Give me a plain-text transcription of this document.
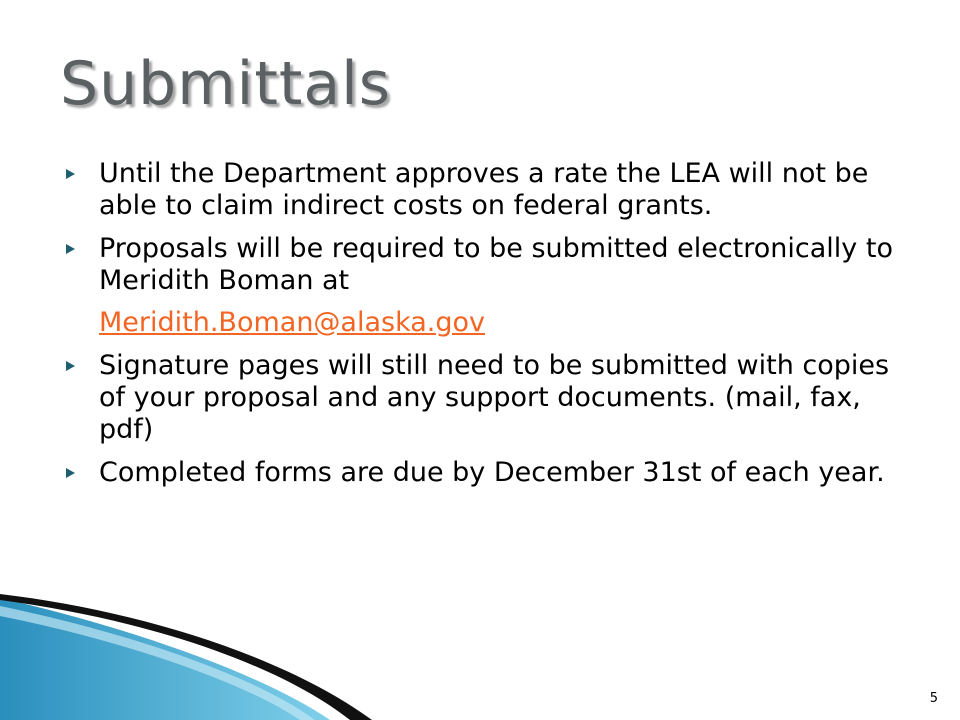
Submittals
Until the Department approves a rate the LEA will not be able to claim indirect costs on federal grants.
Proposals will be required to be submitted electronically to Meridith Boman at
Meridith.Boman@alaska.gov
Signature pages will still need to be submitted with copies of your proposal and any support documents. (mail, fax, pdf)
Completed forms are due by December 31st of each year.
5
